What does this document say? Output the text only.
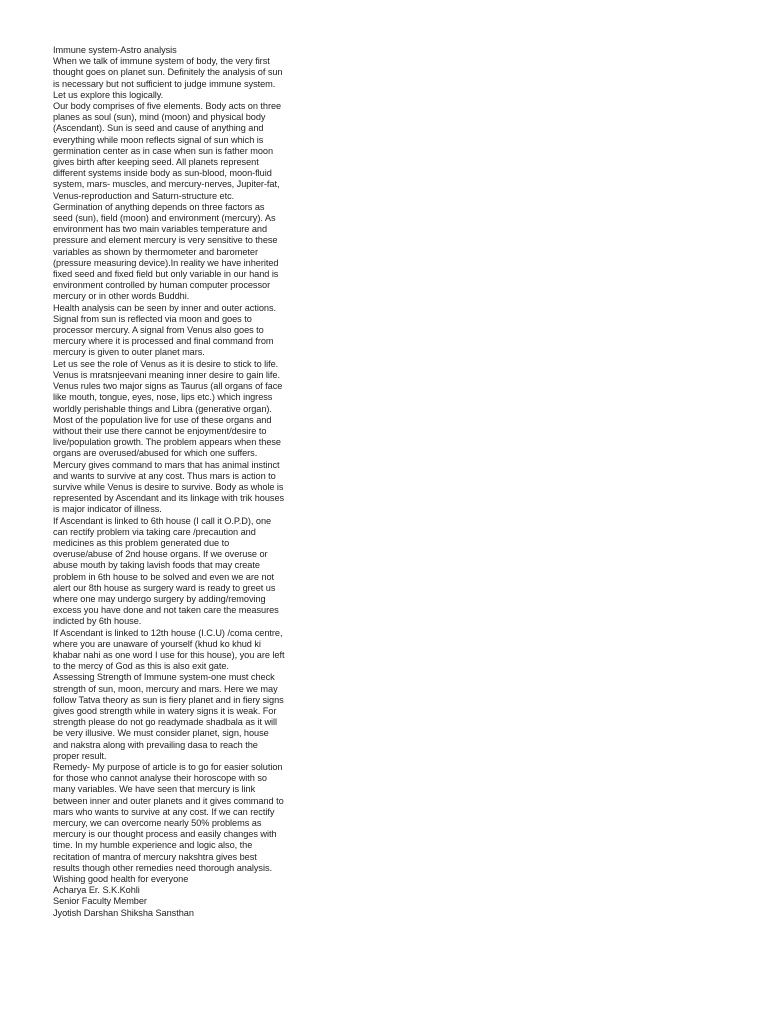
Immune system-Astro analysis

When we talk of immune system of body, the very first thought goes on planet sun. Definitely the analysis of sun is necessary but not sufficient to judge immune system. Let us explore this logically.

Our body comprises of five elements. Body acts on three planes as soul (sun), mind (moon) and physical body (Ascendant). Sun is seed and cause of anything and everything while moon reflects signal of sun which is germination center as in case when sun is father moon gives birth after keeping seed. All planets represent different systems inside body as sun-blood, moon-fluid system, mars- muscles, and mercury-nerves, Jupiter-fat, Venus-reproduction and Saturn-structure etc.

Germination of anything depends on three factors as seed (sun), field (moon) and environment (mercury). As environment has two main variables temperature and pressure and element mercury is very sensitive to these variables as shown by thermometer and barometer (pressure measuring device).In reality we have inherited fixed seed and fixed field but only variable in our hand is environment controlled by human computer processor mercury or in other words Buddhi.

Health analysis can be seen by inner and outer actions. Signal from sun is reflected via moon and goes to processor mercury. A signal from Venus also goes to mercury where it is processed and final command from mercury is given to outer planet mars.

Let us see the role of Venus as it is desire to stick to life. Venus is mratsnjeevani meaning inner desire to gain life. Venus rules two major signs as Taurus (all organs of face like mouth, tongue, eyes, nose, lips etc.) which ingress worldly perishable things and Libra (generative organ). Most of the population live for use of these organs and without their use there cannot be enjoyment/desire to live/population growth. The problem appears when these organs are overused/abused for which one suffers.

Mercury gives command to mars that has animal instinct and wants to survive at any cost. Thus mars is action to survive while Venus is desire to survive. Body as whole is represented by Ascendant and its linkage with trik houses is major indicator of illness.

If Ascendant is linked to 6th house (I call it O.P.D), one can rectify problem via taking care /precaution and medicines as this problem generated due to overuse/abuse of 2nd house organs. If we overuse or abuse mouth by taking lavish foods that may create problem in 6th house to be solved and even we are not alert our 8th house as surgery ward is ready to greet us where one may undergo surgery by adding/removing excess you have done and not taken care the measures indicted by 6th house.

If Ascendant is linked to 12th house (I.C.U) /coma centre, where you are unaware of yourself (khud ko khud ki khabar nahi as one word I use for this house), you are left to the mercy of God as this is also exit gate.

Assessing Strength of Immune system-one must check strength of sun, moon, mercury and mars. Here we may follow Tatva theory as sun is fiery planet and in fiery signs gives good strength while in watery signs it is weak. For strength please do not go readymade shadbala as it will be very illusive. We must consider planet, sign, house and nakstra along with prevailing dasa to reach the proper result.

Remedy- My purpose of article is to go for easier solution for those who cannot analyse their horoscope with so many variables. We have seen that mercury is link between inner and outer planets and it gives command to mars who wants to survive at any cost. If we can rectify mercury, we can overcome nearly 50% problems as mercury is our thought process and easily changes with time. In my humble experience and logic also, the recitation of mantra of mercury nakshtra gives best results though other remedies need thorough analysis. Wishing good health for everyone

Acharya Er. S.K.Kohli

Senior Faculty Member

Jyotish Darshan Shiksha Sansthan
